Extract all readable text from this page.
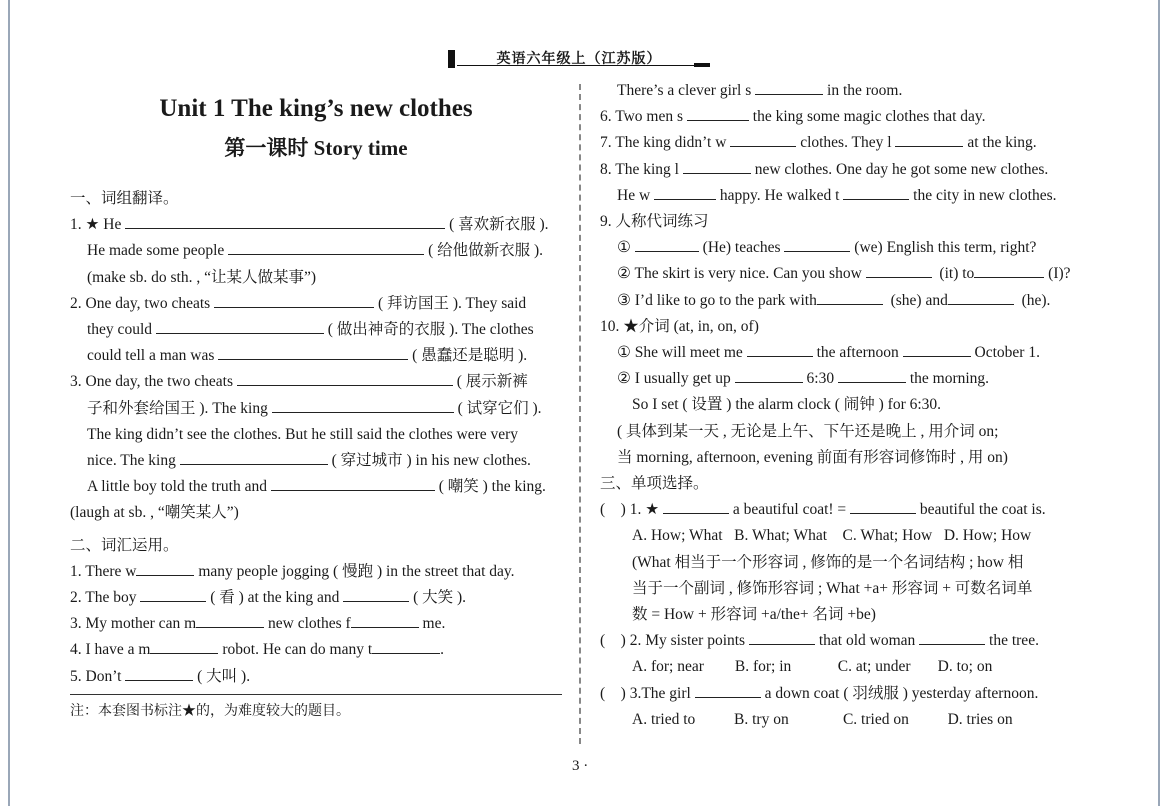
英语六年级上（江苏版）
Unit 1 The king’s new clothes
第一课时 Story time
一、词组翻译。
1. ★ He	( 喜欢新衣服 ).
He made some people	( 给他做新衣服 ).
(make sb. do sth. , “让某人做某事”)
2. One day, two cheats	( 拜访国王 ). They said
they could	( 做出神奇的衣服 ). The clothes
could tell a man was	( 愚蠢还是聪明 ).
3. One day, the two cheats	( 展示新裤
子和外套给国王 ). The king	( 试穿它们 ).
The king didn’t see the clothes. But he still said the clothes were very
nice. The king	( 穿过城市 ) in his new clothes.
A little boy told the truth and	( 嘲笑 ) the king.
(laugh at sb. , “嘲笑某人”)
二、词汇运用。
1. There w	many people jogging ( 慢跑 ) in the street that day.
2. The boy	( 看 ) at the king and	( 大笑 ).
3. My mother can m	new clothes f	me.
4. I have a m	robot. He can do many t	.
5. Don’t	( 大叫 ).
注：本套图书标注★的，为难度较大的题目。
There’s a clever girl s	in the room.
6. Two men s	the king some magic clothes that day.
7. The king didn’t w	clothes. They l	at the king.
8. The king l	new clothes. One day he got some new clothes.
He w	happy. He walked t	the city in new clothes.
9. 人称代词练习
①	(He) teaches	(we) English this term, right?
② The skirt is very nice. Can you show	(it) to	(I)?
③ I’d like to go to the park with	(she) and	(he).
10. ★介词 (at, in, on, of)
① She will meet me	the afternoon	October 1.
② I usually get up	6:30	the morning.
So I set ( 设置 ) the alarm clock ( 闹钟 ) for 6:30.
( 具体到某一天 , 无论是上午、下午还是晚上 , 用介词 on;
当 morning, afternoon, evening 前面有形容词修饰时 , 用 on)
三、单项选择。
(    ) 1. ★	a beautiful coat! =	beautiful the coat is.
A. How; What   B. What; What    C. What; How   D. How; How
(What 相当于一个形容词 , 修饰的是一个名词结构 ; how 相
当于一个副词 , 修饰形容词 ; What +a+ 形容词 + 可数名词单
数 = How + 形容词 +a/the+ 名词 +be)
(    ) 2. My sister points	that old woman	the tree.
A. for; near        B. for; in            C. at; under       D. to; on
(    ) 3.The girl	a down coat ( 羽绒服 ) yesterday afternoon.
A. tried to          B. try on              C. tried on          D. tries on
3 ·
